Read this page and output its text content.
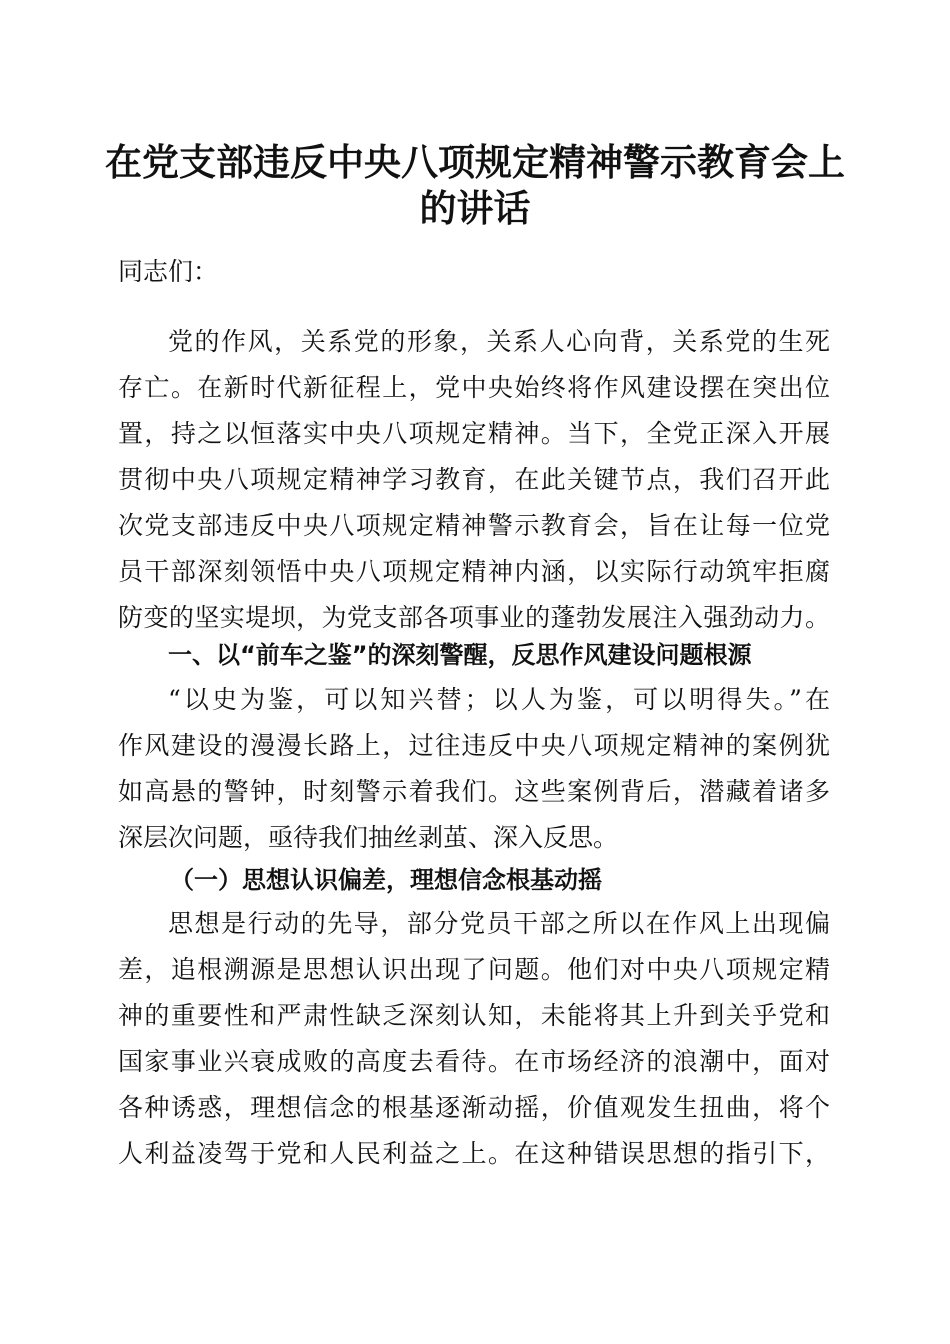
在党支部违反中央八项规定精神警示教育会上
的讲话

同志们：

党的作风，关系党的形象，关系人心向背，关系党的生死

存亡。在新时代新征程上，党中央始终将作风建设摆在突出位

置，持之以恒落实中央八项规定精神。当下，全党正深入开展

贯彻中央八项规定精神学习教育，在此关键节点，我们召开此

次党支部违反中央八项规定精神警示教育会，旨在让每一位党

员干部深刻领悟中央八项规定精神内涵，以实际行动筑牢拒腐

防变的坚实堤坝，为党支部各项事业的蓬勃发展注入强劲动力。

一、以“前车之鉴”的深刻警醒，反思作风建设问题根源

“以史为鉴，可以知兴替；以人为鉴，可以明得失。”在

作风建设的漫漫长路上，过往违反中央八项规定精神的案例犹

如高悬的警钟，时刻警示着我们。这些案例背后，潜藏着诸多

深层次问题，亟待我们抽丝剥茧、深入反思。

（一）思想认识偏差，理想信念根基动摇

思想是行动的先导，部分党员干部之所以在作风上出现偏

差，追根溯源是思想认识出现了问题。他们对中央八项规定精

神的重要性和严肃性缺乏深刻认知，未能将其上升到关乎党和

国家事业兴衰成败的高度去看待。在市场经济的浪潮中，面对

各种诱惑，理想信念的根基逐渐动摇，价值观发生扭曲，将个

人利益凌驾于党和人民利益之上。在这种错误思想的指引下，
